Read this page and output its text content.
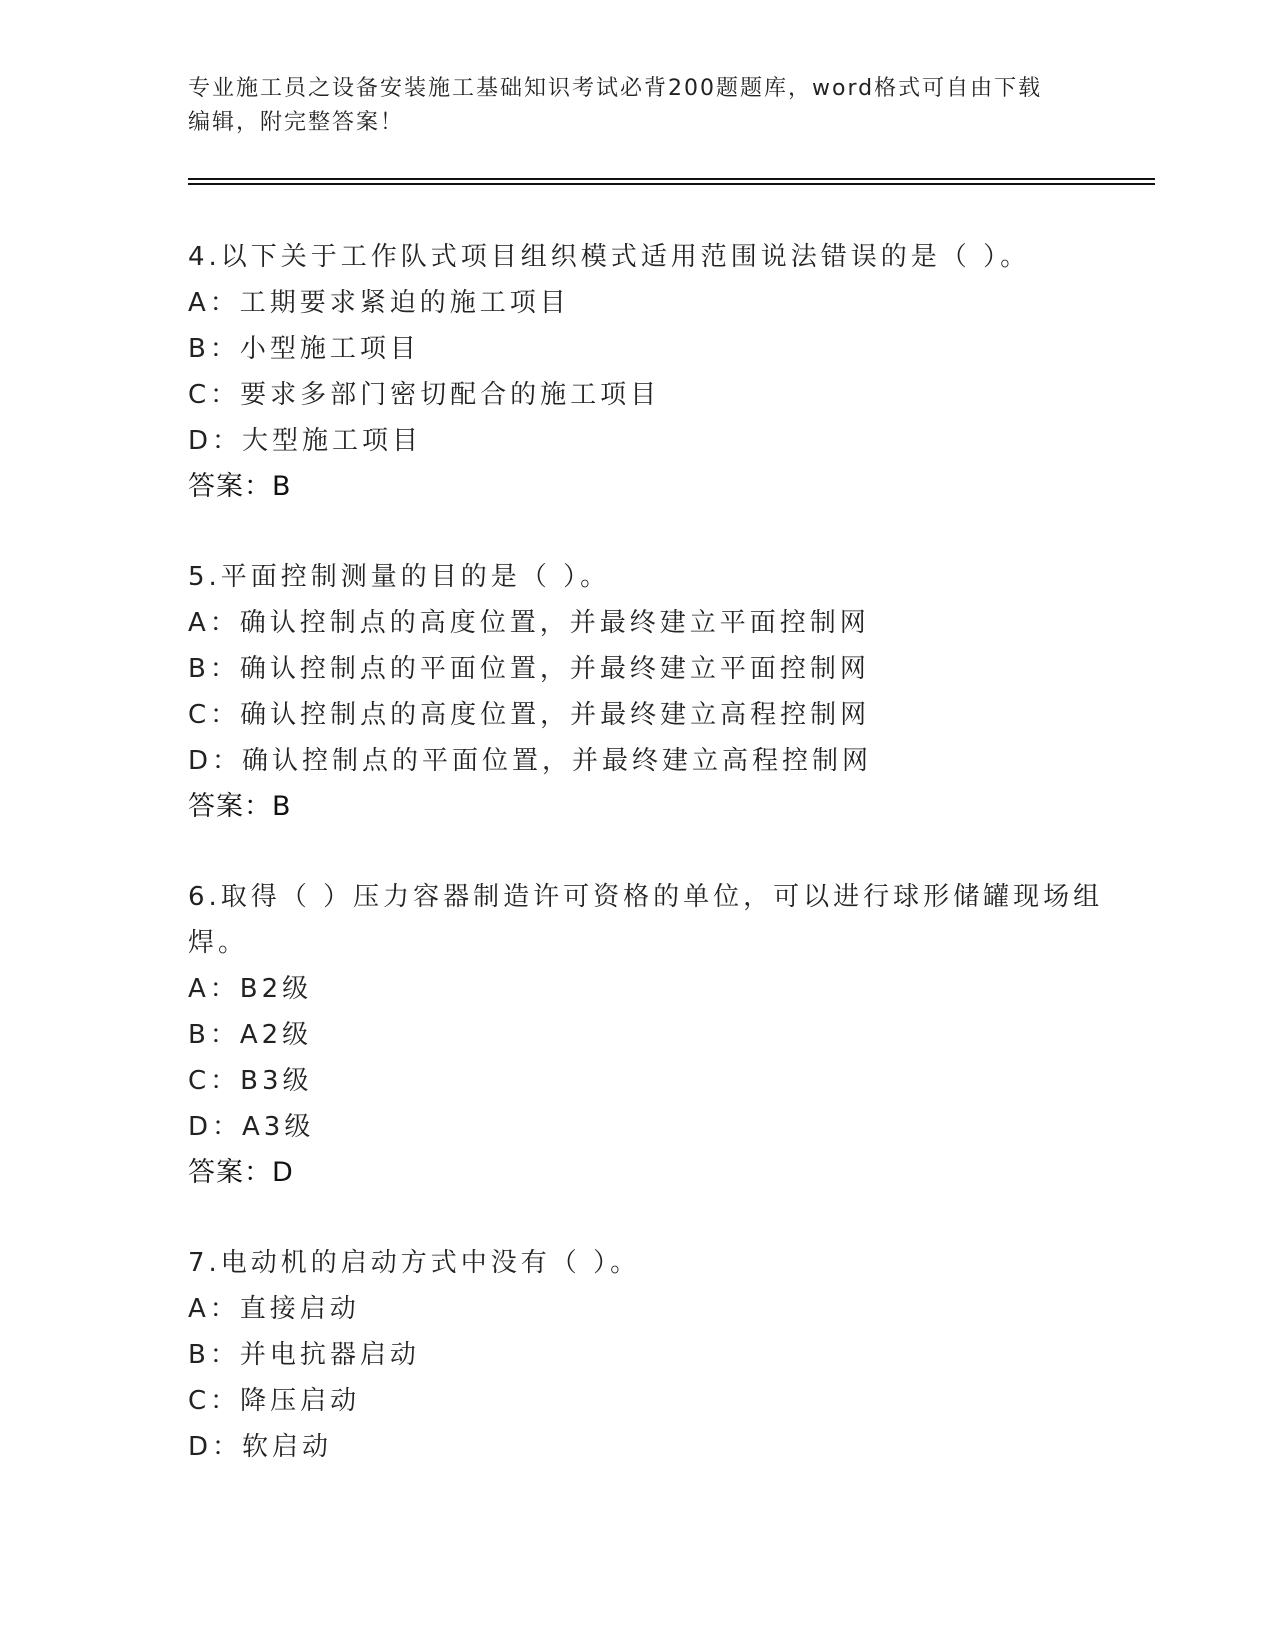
专业施工员之设备安装施工基础知识考试必背200题题库，word格式可自由下载
编辑，附完整答案！
4.以下关于工作队式项目组织模式适用范围说法错误的是（ ）。
A：工期要求紧迫的施工项目
B：小型施工项目
C：要求多部门密切配合的施工项目
D：大型施工项目
答案：B
5.平面控制测量的目的是（ ）。
A：确认控制点的高度位置，并最终建立平面控制网
B：确认控制点的平面位置，并最终建立平面控制网
C：确认控制点的高度位置，并最终建立高程控制网
D：确认控制点的平面位置，并最终建立高程控制网
答案：B
6.取得（ ）压力容器制造许可资格的单位，可以进行球形储罐现场组
焊。
A：B2级
B：A2级
C：B3级
D：A3级
答案：D
7.电动机的启动方式中没有（ ）。
A：直接启动
B：并电抗器启动
C：降压启动
D：软启动
